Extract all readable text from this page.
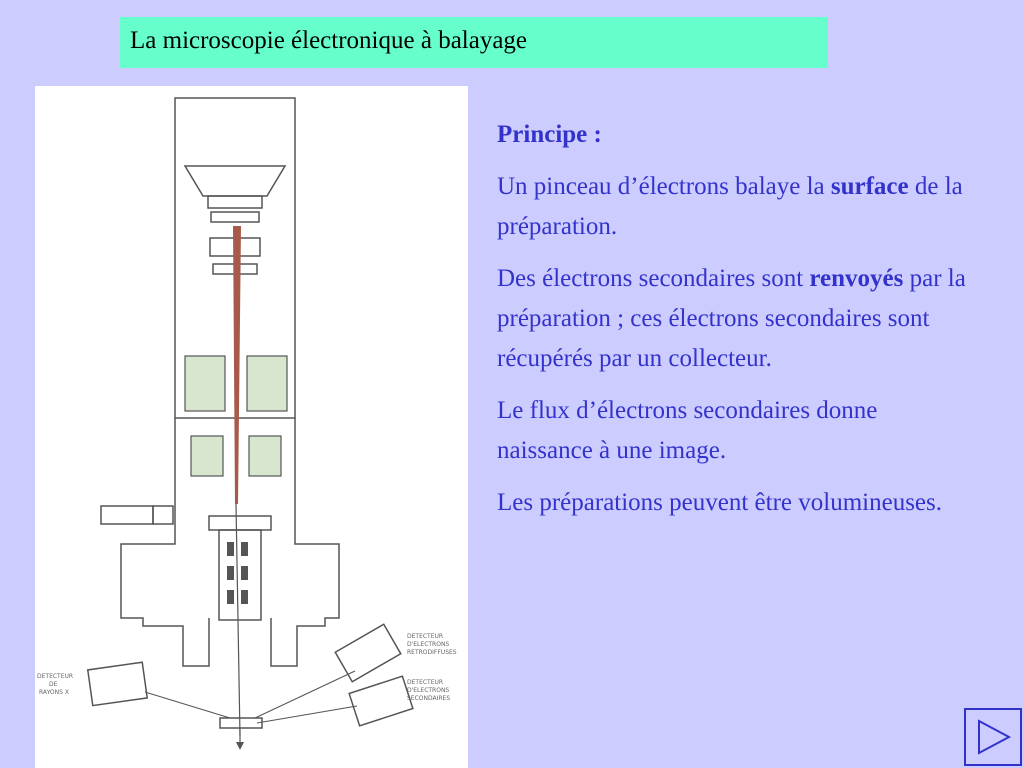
La microscopie électronique à balayage
DETECTEUR
DE
RAYONS X
DETECTEUR
D'ELECTRONS
RETRODIFFUSES
DETECTEUR
D'ELECTRONS
SECONDAIRES

Principe :

Un pinceau d’électrons balaye la surface de la préparation.

Des électrons secondaires sont renvoyés par la préparation ; ces électrons secondaires sont récupérés par un collecteur.

Le flux d’électrons secondaires donne naissance à une image.

Les préparations peuvent être volumineuses.
